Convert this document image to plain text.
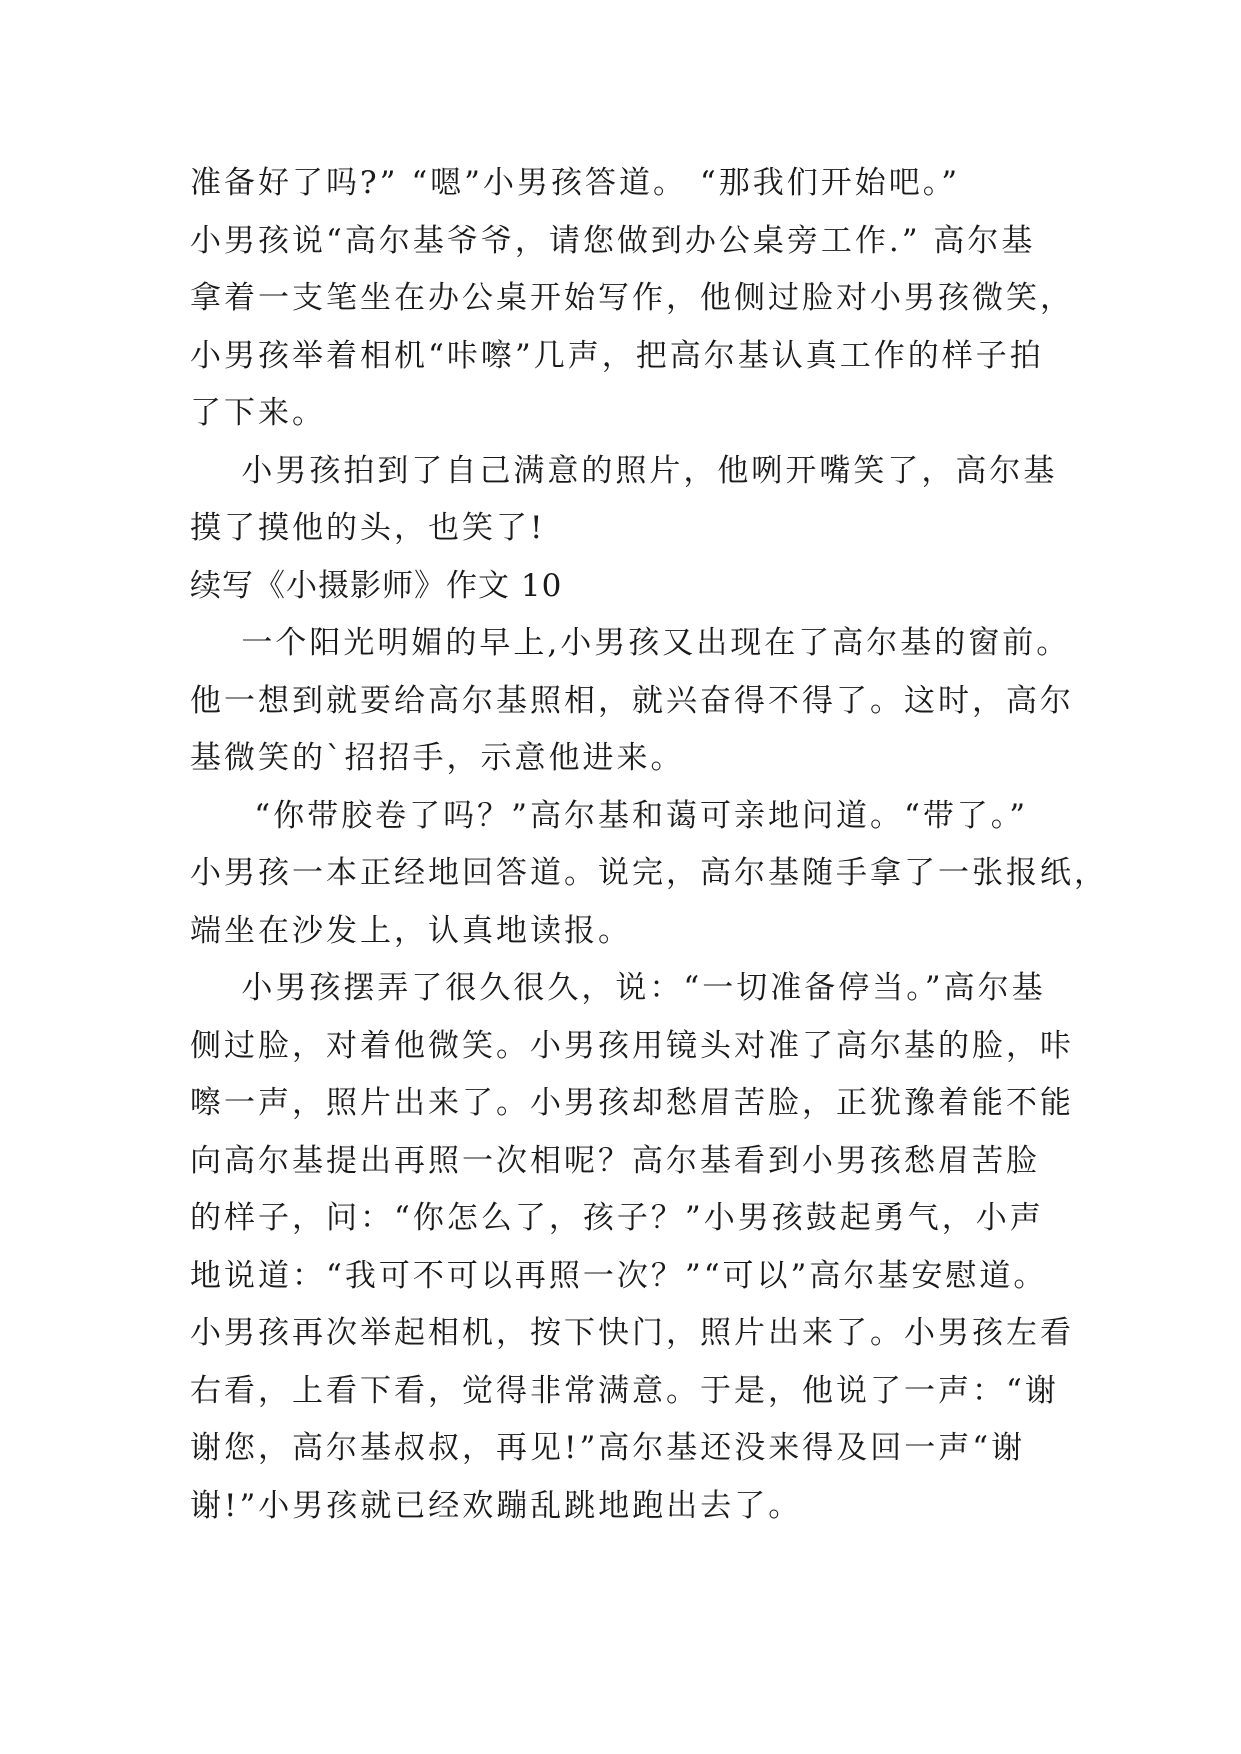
准备好了吗?” “嗯”小男孩答道。 “那我们开始吧。”
小男孩说“高尔基爷爷，请您做到办公桌旁工作.” 高尔基
拿着一支笔坐在办公桌开始写作，他侧过脸对小男孩微笑，
小男孩举着相机“咔嚓”几声，把高尔基认真工作的样子拍
了下来。
小男孩拍到了自己满意的照片，他咧开嘴笑了，高尔基
摸了摸他的头，也笑了!
续写《小摄影师》作文 10
一个阳光明媚的早上,小男孩又出现在了高尔基的窗前。
他一想到就要给高尔基照相，就兴奋得不得了。这时，高尔
基微笑的`招招手，示意他进来。
“你带胶卷了吗？”高尔基和蔼可亲地问道。“带了。”
小男孩一本正经地回答道。说完，高尔基随手拿了一张报纸，
端坐在沙发上，认真地读报。
小男孩摆弄了很久很久，说：“一切准备停当。”高尔基
侧过脸，对着他微笑。小男孩用镜头对准了高尔基的脸，咔
嚓一声，照片出来了。小男孩却愁眉苦脸，正犹豫着能不能
向高尔基提出再照一次相呢？高尔基看到小男孩愁眉苦脸
的样子，问：“你怎么了，孩子？”小男孩鼓起勇气，小声
地说道：“我可不可以再照一次？”“可以”高尔基安慰道。
小男孩再次举起相机，按下快门，照片出来了。小男孩左看
右看，上看下看，觉得非常满意。于是，他说了一声：“谢
谢您，高尔基叔叔，再见!”高尔基还没来得及回一声“谢
谢!”小男孩就已经欢蹦乱跳地跑出去了。
